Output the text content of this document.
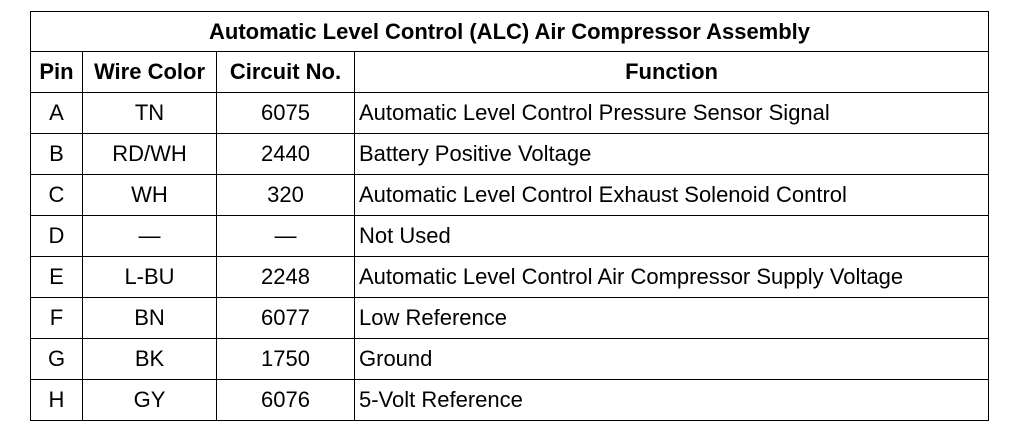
Automatic Level Control (ALC) Air Compressor Assembly			
Pin	Wire Color	Circuit No.	Function
A	TN	6075	Automatic Level Control Pressure Sensor Signal
B	RD/WH	2440	Battery Positive Voltage
C	WH	320	Automatic Level Control Exhaust Solenoid Control
D	—	—	Not Used
E	L-BU	2248	Automatic Level Control Air Compressor Supply Voltage
F	BN	6077	Low Reference
G	BK	1750	Ground
H	GY	6076	5-Volt Reference
